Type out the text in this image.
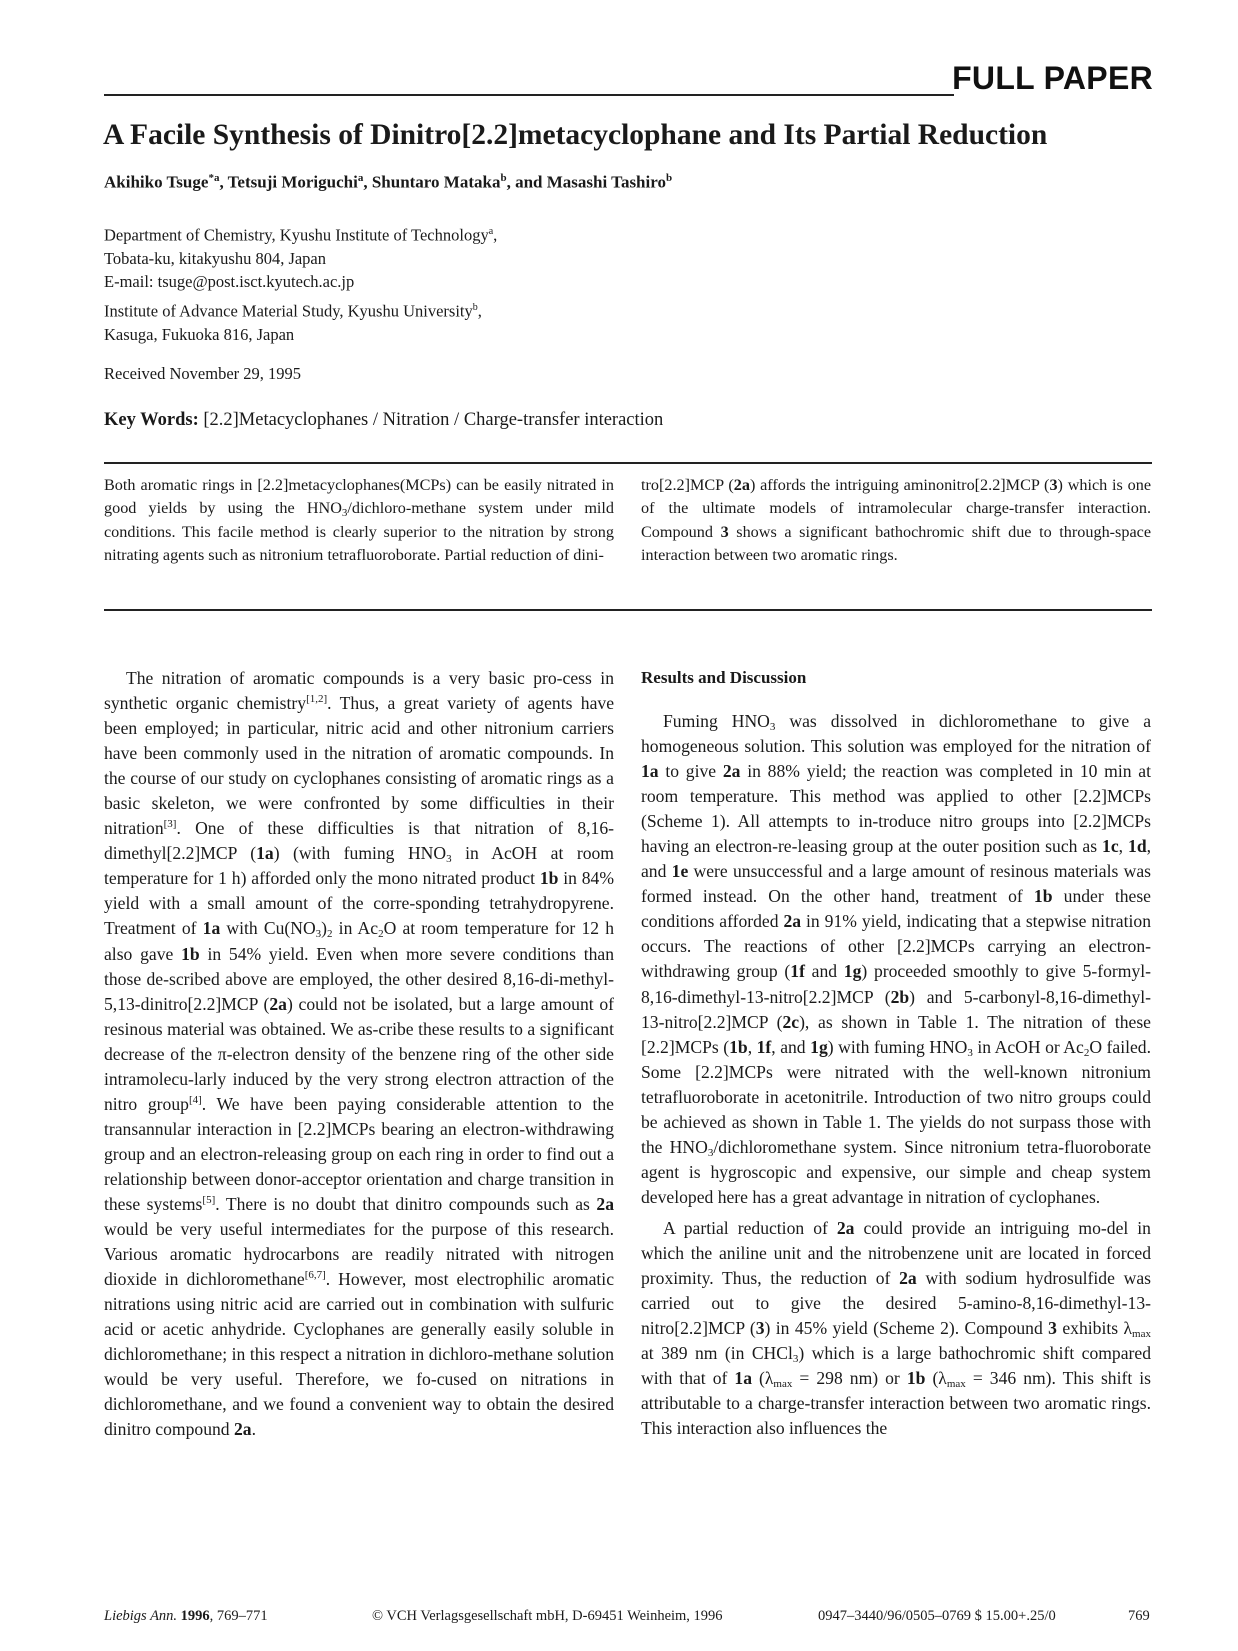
FULL PAPER
A Facile Synthesis of Dinitro[2.2]metacyclophane and Its Partial Reduction
Akihiko Tsuge$^{*a}$, Tetsuji Moriguchi$^a$, Shuntaro Mataka$^b$, and Masashi Tashiro$^b$
Department of Chemistry, Kyushu Institute of Technology$^a$,
Tobata-ku, kitakyushu 804, Japan
E-mail: tsuge@post.isct.kyutech.ac.jp
Institute of Advance Material Study, Kyushu University$^b$,
Kasuga, Fukuoka 816, Japan
Received November 29, 1995
Key Words: [2.2]Metacyclophanes / Nitration / Charge-transfer interaction
Both aromatic rings in [2.2]metacyclophanes(MCPs) can be easily nitrated in good yields by using the $HNO_3/dichloro$-methane system under mild conditions. This facile method is clearly superior to the nitration by strong nitrating agents such as nitronium tetrafluoroborate. Partial reduction of dini-
tro[2.2]MCP (2a) affords the intriguing aminonitro[2.2]MCP (3) which is one of the ultimate models of intramolecular charge-transfer interaction. Compound 3 shows a significant bathochromic shift due to through-space interaction between two aromatic rings.

The nitration of aromatic compounds is a very basic pro-cess in synthetic organic chemistry[1,2]. Thus, a great variety of agents have been employed; in particular, nitric acid and other nitronium carriers have been commonly used in the nitration of aromatic compounds. In the course of our study on cyclophanes consisting of aromatic rings as a basic skeleton, we were confronted by some difficulties in their nitration[3]. One of these difficulties is that nitration of 8,16-dimethyl[2.2]MCP (1a) (with fuming $HNO_3$ in AcOH at room temperature for 1 h) afforded only the mono nitrated product 1b in 84% yield with a small amount of the corre-sponding tetrahydropyrene. Treatment of 1a with $Cu(NO_3)_2$ in $Ac_2O$ at room temperature for 12 h also gave 1b in 54% yield. Even when more severe conditions than those de-scribed above are employed, the other desired 8,16-di-methyl-5,13-dinitro[2.2]MCP (2a) could not be isolated, but a large amount of resinous material was obtained. We as-cribe these results to a significant decrease of the π-electron density of the benzene ring of the other side intramolecu-larly induced by the very strong electron attraction of the nitro group[4]. We have been paying considerable attention to the transannular interaction in [2.2]MCPs bearing an electron-withdrawing group and an electron-releasing group on each ring in order to find out a relationship between donor-acceptor orientation and charge transition in these systems[5]. There is no doubt that dinitro compounds such as 2a would be very useful intermediates for the purpose of this research. Various aromatic hydrocarbons are readily nitrated with nitrogen dioxide in dichloromethane[6,7]. However, most electrophilic aromatic nitrations using nitric acid are carried out in combination with sulfuric acid or acetic anhydride. Cyclophanes are generally easily soluble in dichloromethane; in this respect a nitration in dichloro-methane solution would be very useful. Therefore, we fo-cused on nitrations in dichloromethane, and we found a convenient way to obtain the desired dinitro compound 2a.

Results and Discussion

Fuming $HNO_3$ was dissolved in dichloromethane to give a homogeneous solution. This solution was employed for the nitration of 1a to give 2a in 88% yield; the reaction was completed in 10 min at room temperature. This method was applied to other [2.2]MCPs (Scheme 1). All attempts to in-troduce nitro groups into [2.2]MCPs having an electron-re-leasing group at the outer position such as 1c, 1d, and 1e were unsuccessful and a large amount of resinous materials was formed instead. On the other hand, treatment of 1b under these conditions afforded 2a in 91% yield, indicating that a stepwise nitration occurs. The reactions of other [2.2]MCPs carrying an electron-withdrawing group (1f and 1g) proceeded smoothly to give 5-formyl-8,16-dimethyl-13-nitro[2.2]MCP (2b) and 5-carbonyl-8,16-dimethyl-13-nitro[2.2]MCP (2c), as shown in Table 1. The nitration of these [2.2]MCPs (1b, 1f, and 1g) with fuming $HNO_3$ in AcOH or $Ac_2O$ failed. Some [2.2]MCPs were nitrated with the well-known nitronium tetrafluoroborate in acetonitrile. Introduction of two nitro groups could be achieved as shown in Table 1. The yields do not surpass those with the $HNO_3$/dichloromethane system. Since nitronium tetra-fluoroborate agent is hygroscopic and expensive, our simple and cheap system developed here has a great advantage in nitration of cyclophanes.

A partial reduction of 2a could provide an intriguing mo-del in which the aniline unit and the nitrobenzene unit are located in forced proximity. Thus, the reduction of 2a with sodium hydrosulfide was carried out to give the desired 5-amino-8,16-dimethyl-13-nitro[2.2]MCP (3) in 45% yield (Scheme 2). Compound 3 exhibits $\lambda_{max}$ at 389 nm (in CHCl$_3$) which is a large bathochromic shift compared with that of 1a ($\lambda_{max} = 298$ nm) or 1b ($\lambda_{max} = 346$ nm). This shift is attributable to a charge-transfer interaction between two aromatic rings. This interaction also influences the

Liebigs Ann. 1996, 769–771	© VCH Verlagsgesellschaft mbH, D-69451 Weinheim, 1996	0947–3440/96/0505–0769 $ 15.00+.25/0	769
